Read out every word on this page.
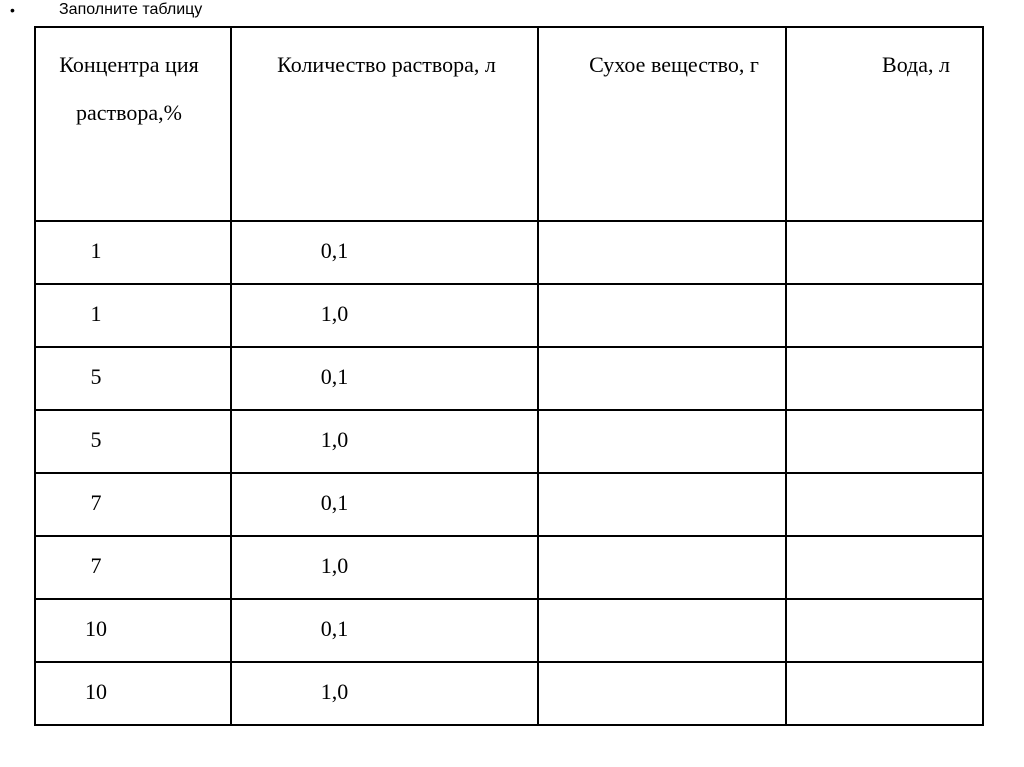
•	Заполните таблицу
Концентра ция раствора,%	Количество раствора, л	Сухое вещество, г	Вода, л

1	0,1		

1	1,0		

5	0,1		

5	1,0		

7	0,1		

7	1,0		

10	0,1		

10	1,0		
